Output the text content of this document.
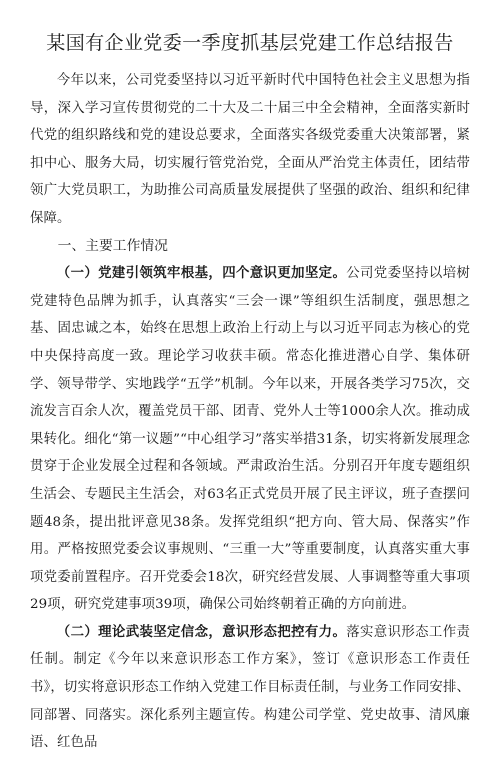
某国有企业党委一季度抓基层党建工作总结报告

今年以来，公司党委坚持以习近平新时代中国特色社会主义思想为指导，深入学习宣传贯彻党的二十大及二十届三中全会精神，全面落实新时代党的组织路线和党的建设总要求，全面落实各级党委重大决策部署，紧扣中心、服务大局，切实履行管党治党，全面从严治党主体责任，团结带领广大党员职工，为助推公司高质量发展提供了坚强的政治、组织和纪律保障。

一、主要工作情况

（一）党建引领筑牢根基，四个意识更加坚定。公司党委坚持以培树党建特色品牌为抓手，认真落实“三会一课”等组织生活制度，强思想之基、固忠诚之本，始终在思想上政治上行动上与以习近平同志为核心的党中央保持高度一致。理论学习收获丰硕。常态化推进潜心自学、集体研学、领导带学、实地践学“五学”机制。今年以来，开展各类学习75次，交流发言百余人次，覆盖党员干部、团青、党外人士等1000余人次。推动成果转化。细化“第一议题”“中心组学习”落实举措31条，切实将新发展理念贯穿于企业发展全过程和各领域。严肃政治生活。分别召开年度专题组织生活会、专题民主生活会，对63名正式党员开展了民主评议，班子查摆问题48条，提出批评意见38条。发挥党组织“把方向、管大局、保落实”作用。严格按照党委会议事规则、“三重一大”等重要制度，认真落实重大事项党委前置程序。召开党委会18次，研究经营发展、人事调整等重大事项29项，研究党建事项39项，确保公司始终朝着正确的方向前进。

（二）理论武装坚定信念，意识形态把控有力。落实意识形态工作责任制。制定《今年以来意识形态工作方案》，签订《意识形态工作责任书》，切实将意识形态工作纳入党建工作目标责任制，与业务工作同安排、同部署、同落实。深化系列主题宣传。构建公司学堂、党史故事、清风廉语、红色品
